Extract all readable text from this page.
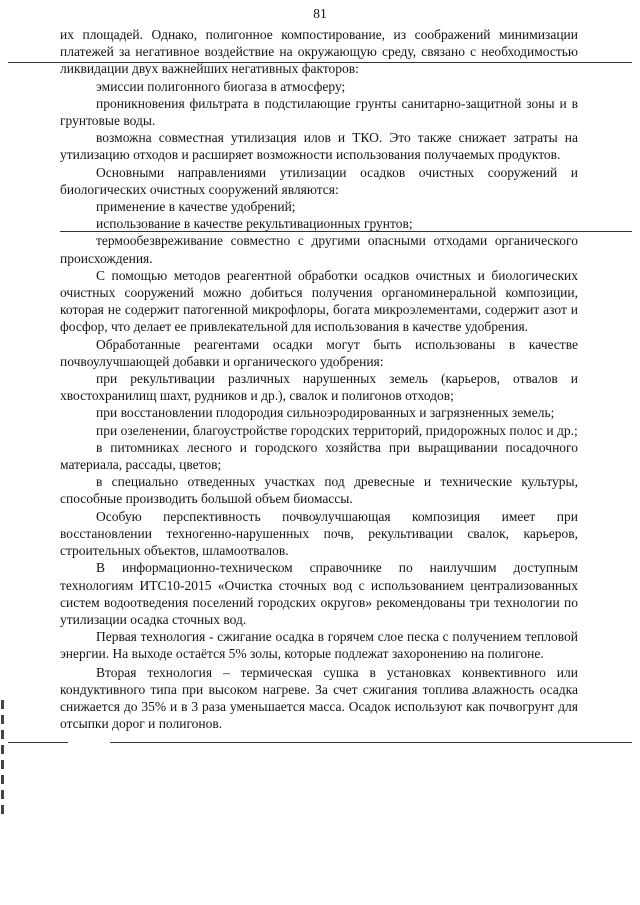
81

их площадей. Однако, полигонное компостирование, из соображений минимизации платежей за негативное воздействие на окружающую среду, связано с необходимостью ликвидации двух важнейших негативных факторов:

эмиссии полигонного биогаза в атмосферу;

проникновения фильтрата в подстилающие грунты санитарно-защитной зоны и в грунтовые воды.

возможна совместная утилизация илов и ТКО. Это также снижает затраты на утилизацию отходов и расширяет возможности использования получаемых продуктов.

Основными направлениями утилизации осадков очистных сооружений и биологических очистных сооружений являются:

применение в качестве удобрений;

использование в качестве рекультивационных грунтов;

термообезвреживание совместно с другими опасными отходами органического происхождения.

С помощью методов реагентной обработки осадков очистных и биологических очистных сооружений можно добиться получения органоминеральной композиции, которая не содержит патогенной микрофлоры, богата микроэлементами, содержит азот и фосфор, что делает ее привлекательной для использования в качестве удобрения.

Обработанные реагентами осадки могут быть использованы в качестве почвоулучшающей добавки и органического удобрения:

при рекультивации различных нарушенных земель (карьеров, отвалов и хвостохранилищ шахт, рудников и др.), свалок и полигонов отходов;

при восстановлении плодородия сильноэродированных и загрязненных земель;

при озеленении, благоустройстве городских территорий, придорожных полос и др.;

в питомниках лесного и городского хозяйства при выращивании посадочного материала, рассады, цветов;

в специально отведенных участках под древесные и технические культуры, способные производить большой объем биомассы.

Особую перспективность почвоулучшающая композиция имеет при восстановлении техногенно-нарушенных почв, рекультивации свалок, карьеров, строительных объектов, шламоотвалов.

В информационно-техническом справочнике по наилучшим доступным технологиям ИТС10-2015 «Очистка сточных вод с использованием централизованных систем водоотведения поселений городских округов» рекомендованы три технологии по утилизации осадка сточных вод.

Первая технология - сжигание осадка в горячем слое песка с получением тепловой энергии. На выходе остаётся 5% золы, которые подлежат захоронению на полигоне.

Вторая технология – термическая сушка в установках конвективного или кондуктивного типа при высоком нагреве. За счет сжигания топлива влажность осадка снижается до 35% и в 3 раза уменьшается масса. Осадок используют как почвогрунт для отсыпки дорог и полигонов.
